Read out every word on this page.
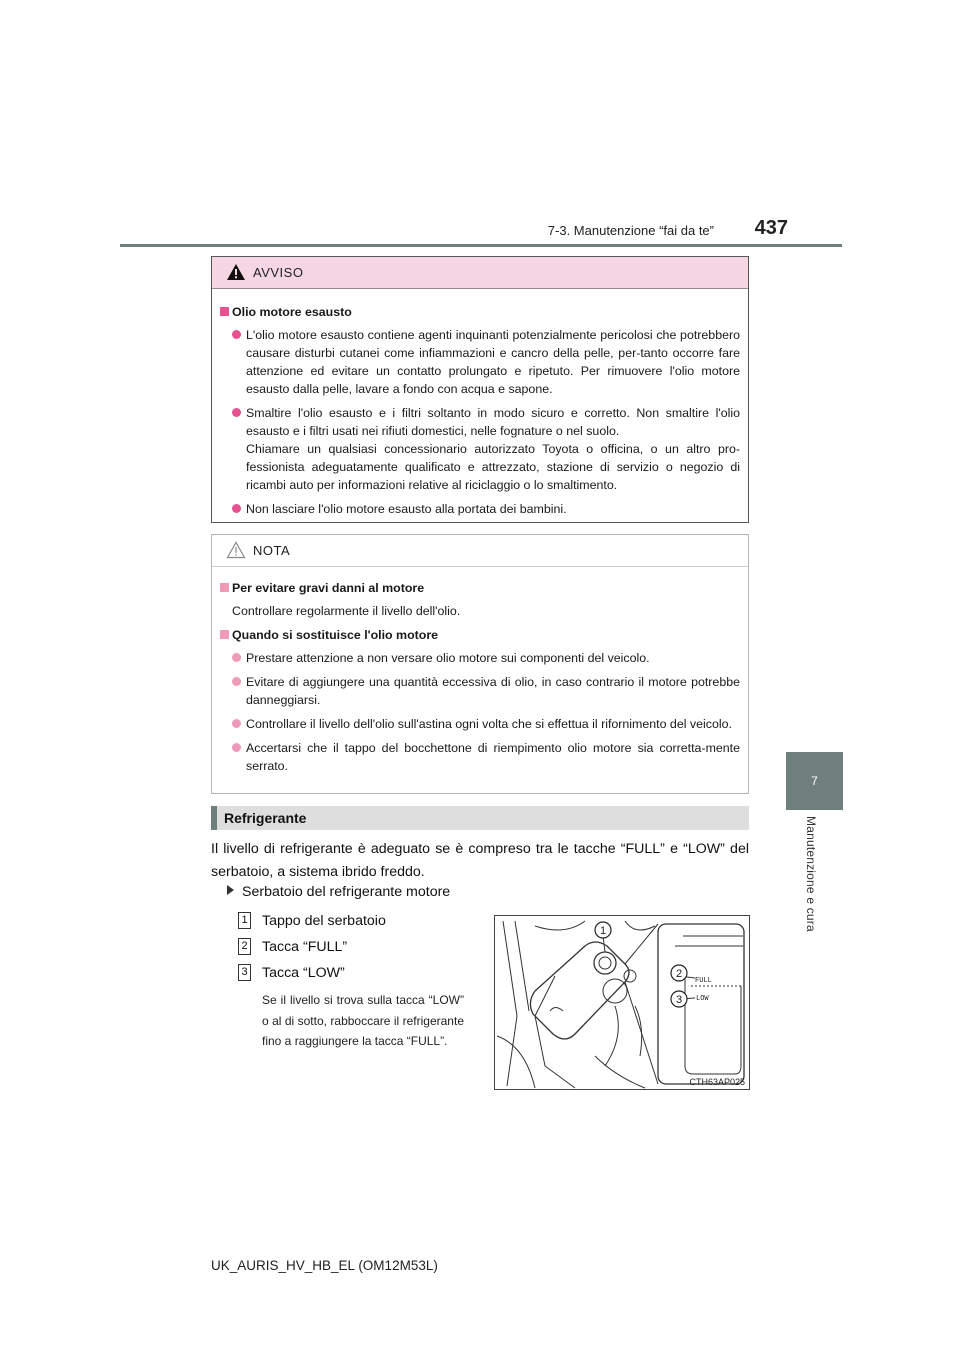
7-3. Manutenzione “fai da te” 437
7
Manutenzione e cura
AVVISO
Olio motore esausto
L'olio motore esausto contiene agenti inquinanti potenzialmente pericolosi che potrebbero causare disturbi cutanei come infiammazioni e cancro della pelle, per-tanto occorre fare attenzione ed evitare un contatto prolungato e ripetuto. Per rimuovere l'olio motore esausto dalla pelle, lavare a fondo con acqua e sapone.
Smaltire l'olio esausto e i filtri soltanto in modo sicuro e corretto. Non smaltire l'olio esausto e i filtri usati nei rifiuti domestici, nelle fognature o nel suolo.
Chiamare un qualsiasi concessionario autorizzato Toyota o officina, o un altro pro-fessionista adeguatamente qualificato e attrezzato, stazione di servizio o negozio di ricambi auto per informazioni relative al riciclaggio o lo smaltimento.
Non lasciare l'olio motore esausto alla portata dei bambini.
NOTA
Per evitare gravi danni al motore
Controllare regolarmente il livello dell'olio.
Quando si sostituisce l'olio motore
Prestare attenzione a non versare olio motore sui componenti del veicolo.
Evitare di aggiungere una quantità eccessiva di olio, in caso contrario il motore potrebbe danneggiarsi.
Controllare il livello dell'olio sull'astina ogni volta che si effettua il rifornimento del veicolo.
Accertarsi che il tappo del bocchettone di riempimento olio motore sia corretta-mente serrato.
Refrigerante
Il livello di refrigerante è adeguato se è compreso tra le tacche “FULL” e “LOW” del serbatoio, a sistema ibrido freddo.
Serbatoio del refrigerante motore
1 Tappo del serbatoio
2 Tacca “FULL”
3 Tacca “LOW”
Se il livello si trova sulla tacca “LOW” o al di sotto, rabboccare il refrigerante fino a raggiungere la tacca “FULL”.
1
2
3
FULL
LOW
CTH63AP025
UK_AURIS_HV_HB_EL (OM12M53L)
